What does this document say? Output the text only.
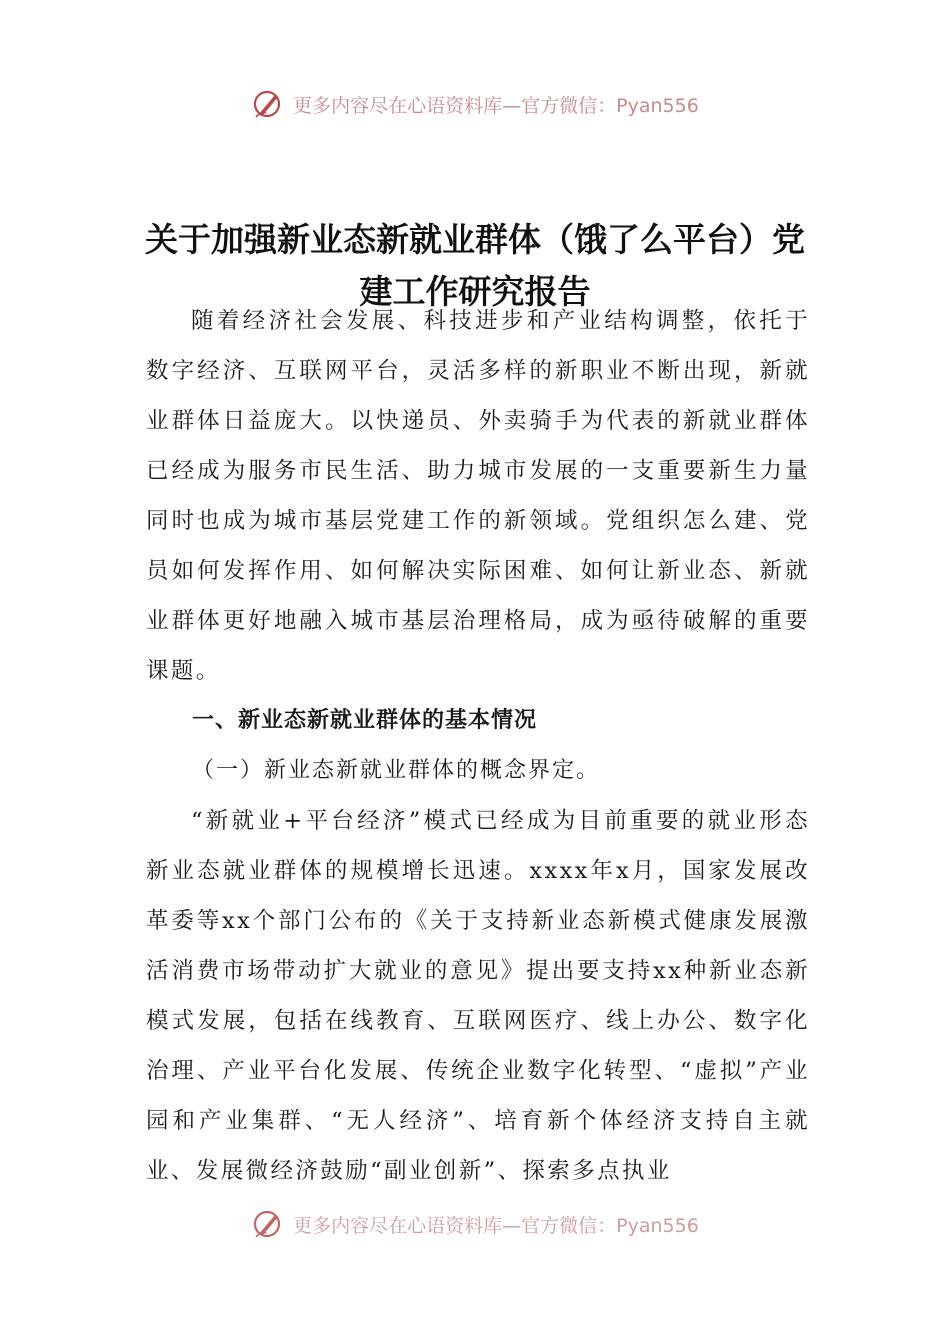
更多内容尽在心语资料库—官方微信：Pyan556
关于加强新业态新就业群体（饿了么平台）党建工作研究报告

随着经济社会发展、科技进步和产业结构调整，依托于数字经济、互联网平台，灵活多样的新职业不断出现，新就业群体日益庞大。以快递员、外卖骑手为代表的新就业群体已经成为服务市民生活、助力城市发展的一支重要新生力量同时也成为城市基层党建工作的新领域。党组织怎么建、党员如何发挥作用、如何解决实际困难、如何让新业态、新就业群体更好地融入城市基层治理格局，成为亟待破解的重要课题。

一、新业态新就业群体的基本情况

（一）新业态新就业群体的概念界定。

“新就业+平台经济”模式已经成为目前重要的就业形态新业态就业群体的规模增长迅速。xxxx年x月，国家发展改革委等xx个部门公布的《关于支持新业态新模式健康发展激活消费市场带动扩大就业的意见》提出要支持xx种新业态新模式发展，包括在线教育、互联网医疗、线上办公、数字化治理、产业平台化发展、传统企业数字化转型、“虚拟”产业园和产业集群、“无人经济”、培育新个体经济支持自主就业、发展微经济鼓励“副业创新”、探索多点执业

更多内容尽在心语资料库—官方微信：Pyan556
